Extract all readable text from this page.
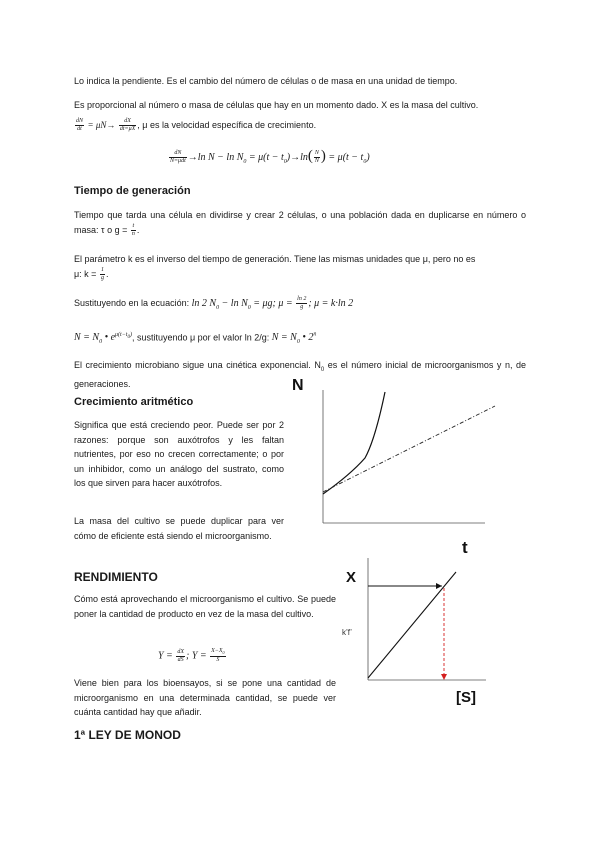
Lo indica la pendiente. Es el cambio del número de células o de masa en una unidad de tiempo.
Es proporcional al número o masa de células que hay en un momento dado. X es la masa del cultivo.
$\frac{dN}{dt} = \mu N\to \frac{dX}{dt=\mu X}$ , μ es la velocidad específica de crecimiento.
$\frac{dN}{\text{N=μdt}} \to\ln$ $N - \ln N_0 = \mu(t - t_0)\to\ln( \frac{N}{N}$ ) = $\mu(t - t_0)$
Tiempo de generación
Tiempo que tarda una célula en dividirse y crear 2 células, o una población dada en duplicarse en número o masa: τ o $g = \frac{t}{n}$ .
El parámetro k es el inverso del tiempo de generación. Tiene las mismas unidades que μ, pero no es
μ: $k = \frac{1}{g}$ .
Sustituyendo en la ecuación: ln 2 $N_0 - \ln N_0 = \mu g$; $\mu = \frac{\ln 2}{g}$ ; μ = k·ln 2
$N = N_0$ • $e^{\mu(t-t_0)}$, sustituyendo μ por el valor ln 2/g: $N = N_0$ • 2$^n$
El crecimiento microbiano sigue una cinética exponencial. $N_0$ es el número inicial de microorganismos y n, de generaciones.
Crecimiento aritmético
Significa que está creciendo peor. Puede ser por 2 razones: porque son auxótrofos y les faltan nutrientes, por eso no crecen correctamente; o por un inhibidor, como un análogo del sustrato, como los que sirven para hacer auxótrofos.
La masa del cultivo se puede duplicar para ver cómo de eficiente está siendo el microorganismo.
N
t
RENDIMIENTO
Cómo está aprovechando el microorganismo el cultivo. Se puede poner la cantidad de producto en vez de la masa del cultivo.
$Y = \frac{dX}{dS}$ ; $Y = \frac{X-X_0}{S}$
Viene bien para los bioensayos, si se pone una cantidad de microorganismo en una determinada cantidad, se puede ver cuánta cantidad hay que añadir.
X
k’f’
[S]
1ª LEY DE MONOD
